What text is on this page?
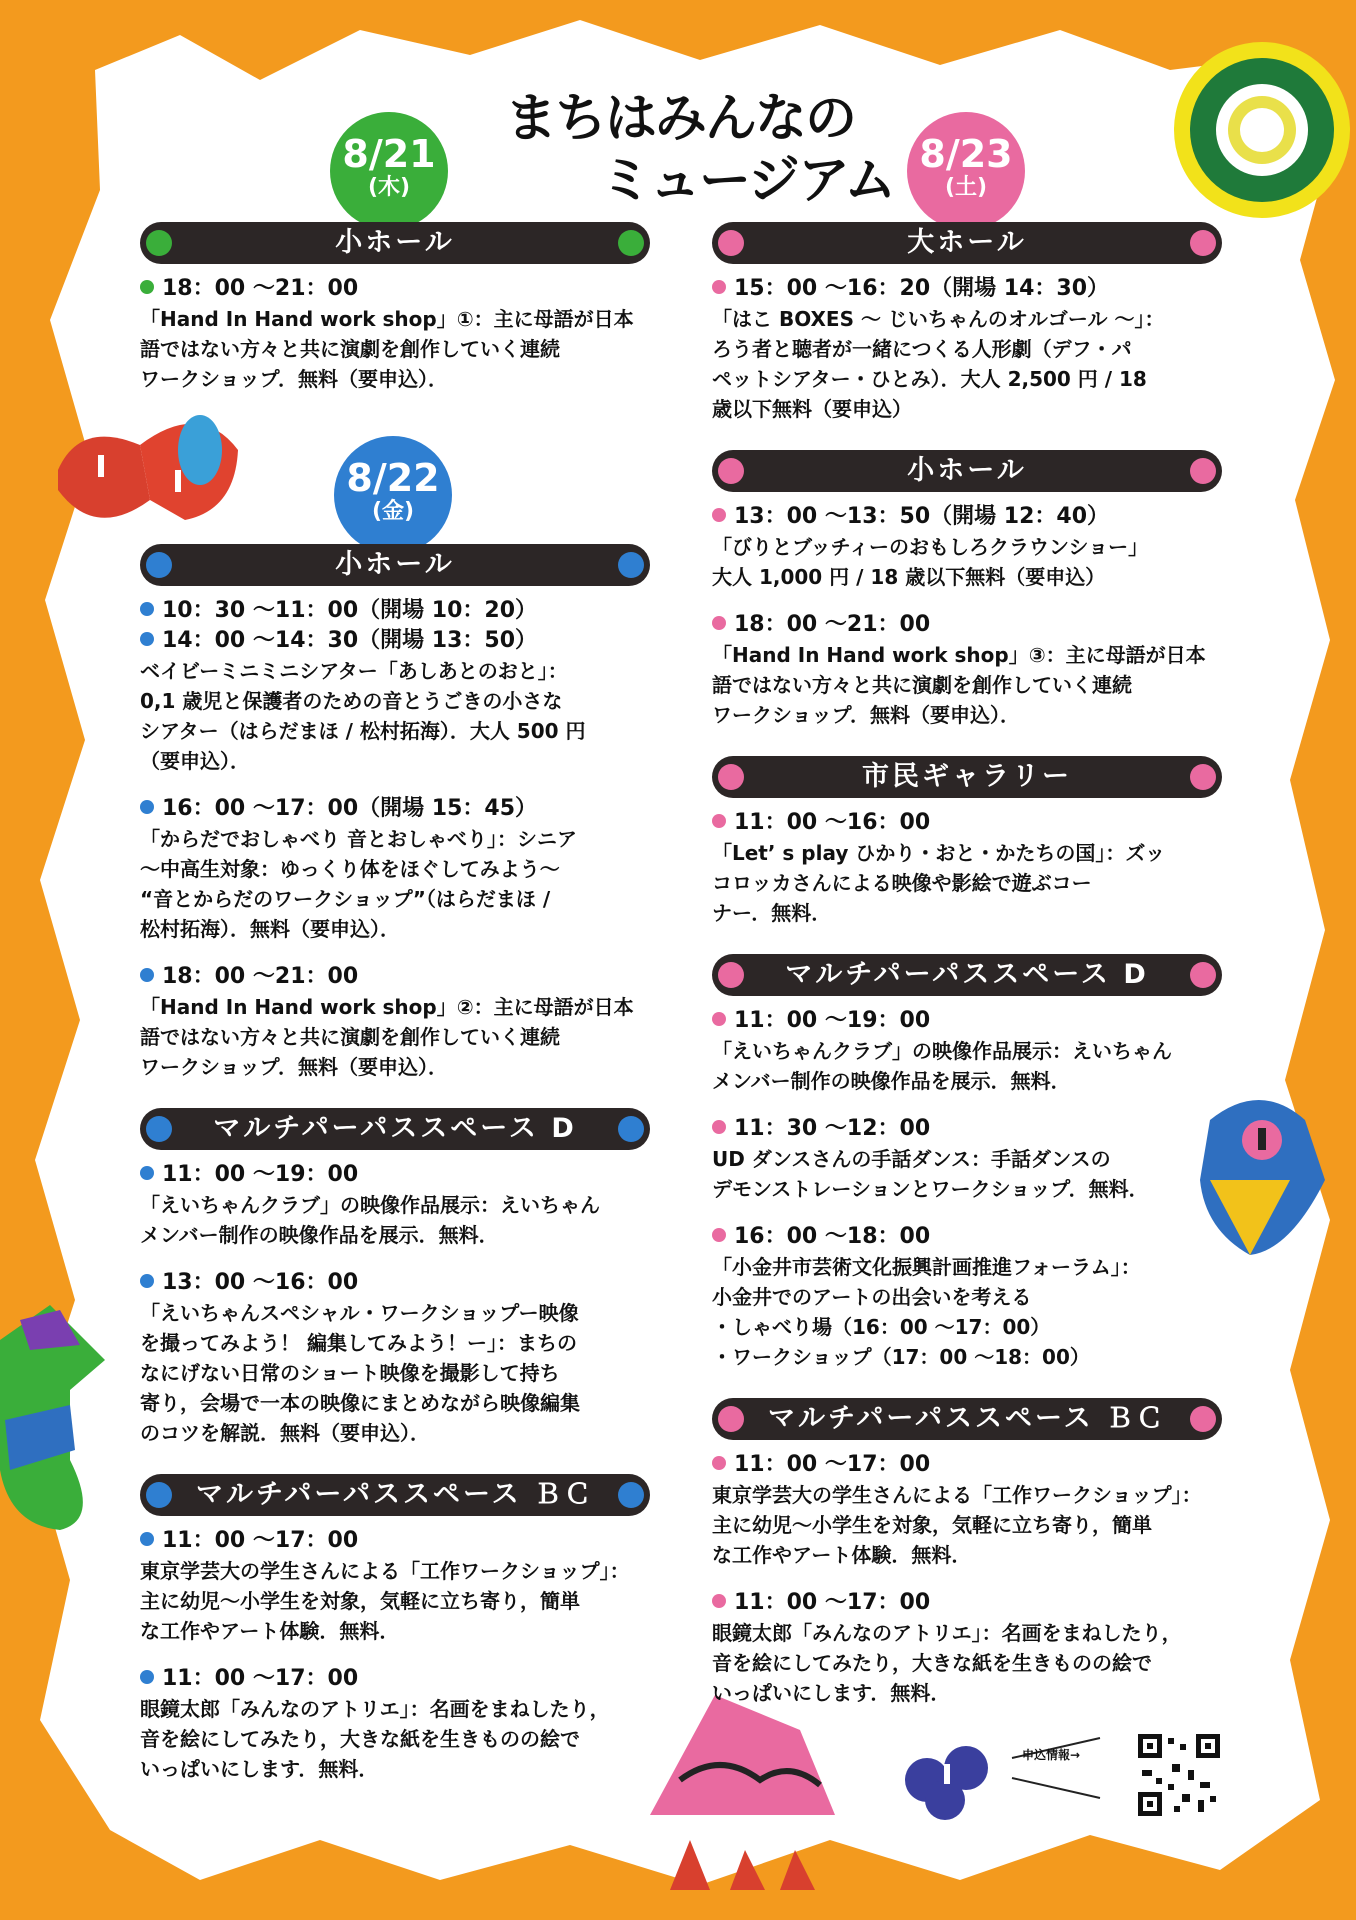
まちはみんなの
ミュージアム
8/21
(木)
8/22
(金)
8/23
(土)
小ホール
18：00 ～21：00
「Hand In Hand work shop」①：主に母語が日本
語ではない方々と共に演劇を創作していく連続
ワークショップ．無料（要申込）．
小ホール
10：30 ～11：00（開場 10：20）
14：00 ～14：30（開場 13：50）
ベイビーミニミニシアター「あしあとのおと」：
0,1 歳児と保護者のための音とうごきの小さな
シアター（はらだまほ / 松村拓海）．大人 500 円
（要申込）．
16：00 ～17：00（開場 15：45）
「からだでおしゃべり 音とおしゃべり」：シニア
～中高生対象：ゆっくり体をほぐしてみよう～
“音とからだのワークショップ”（はらだまほ /
松村拓海）．無料（要申込）．
18：00 ～21：00
「Hand In Hand work shop」②：主に母語が日本
語ではない方々と共に演劇を創作していく連続
ワークショップ．無料（要申込）．
マルチパーパススペース D
11：00 ～19：00
「えいちゃんクラブ」の映像作品展示：えいちゃん
メンバー制作の映像作品を展示．無料．
13：00 ～16：00
「えいちゃんスペシャル・ワークショップー映像
を撮ってみよう！ 編集してみよう！ー」：まちの
なにげない日常のショート映像を撮影して持ち
寄り，会場で一本の映像にまとめながら映像編集
のコツを解説．無料（要申込）．
マルチパーパススペース ＢＣ
11：00 ～17：00
東京学芸大の学生さんによる「工作ワークショップ」：
主に幼児～小学生を対象，気軽に立ち寄り，簡単
な工作やアート体験．無料．
11：00 ～17：00
眼鏡太郎「みんなのアトリエ」：名画をまねしたり，
音を絵にしてみたり，大きな紙を生きものの絵で
いっぱいにします．無料．
大ホール
15：00 ～16：20（開場 14：30）
「はこ BOXES ～ じいちゃんのオルゴール ～」：
ろう者と聴者が一緒につくる人形劇（デフ・パ
ペットシアター・ひとみ）．大人 2,500 円 / 18
歳以下無料（要申込）
小ホール
13：00 ～13：50（開場 12：40）
「びりとブッチィーのおもしろクラウンショー」
大人 1,000 円 / 18 歳以下無料（要申込）
18：00 ～21：00
「Hand In Hand work shop」③：主に母語が日本
語ではない方々と共に演劇を創作していく連続
ワークショップ．無料（要申込）．
市民ギャラリー
11：00 ～16：00
「Let’ s play ひかり・おと・かたちの国」：ズッ
コロッカさんによる映像や影絵で遊ぶコー
ナー．無料．
マルチパーパススペース D
11：00 ～19：00
「えいちゃんクラブ」の映像作品展示：えいちゃん
メンバー制作の映像作品を展示．無料．
11：30 ～12：00
UD ダンスさんの手話ダンス：手話ダンスの
デモンストレーションとワークショップ．無料．
16：00 ～18：00
「小金井市芸術文化振興計画推進フォーラム」：
小金井でのアートの出会いを考える
・しゃべり場（16：00 ～17：00）
・ワークショップ（17：00 ～18：00）
マルチパーパススペース ＢＣ
11：00 ～17：00
東京学芸大の学生さんによる「工作ワークショップ」：
主に幼児～小学生を対象，気軽に立ち寄り，簡単
な工作やアート体験．無料．
11：00 ～17：00
眼鏡太郎「みんなのアトリエ」：名画をまねしたり，
音を絵にしてみたり，大きな紙を生きものの絵で
いっぱいにします．無料．
申込情報→
